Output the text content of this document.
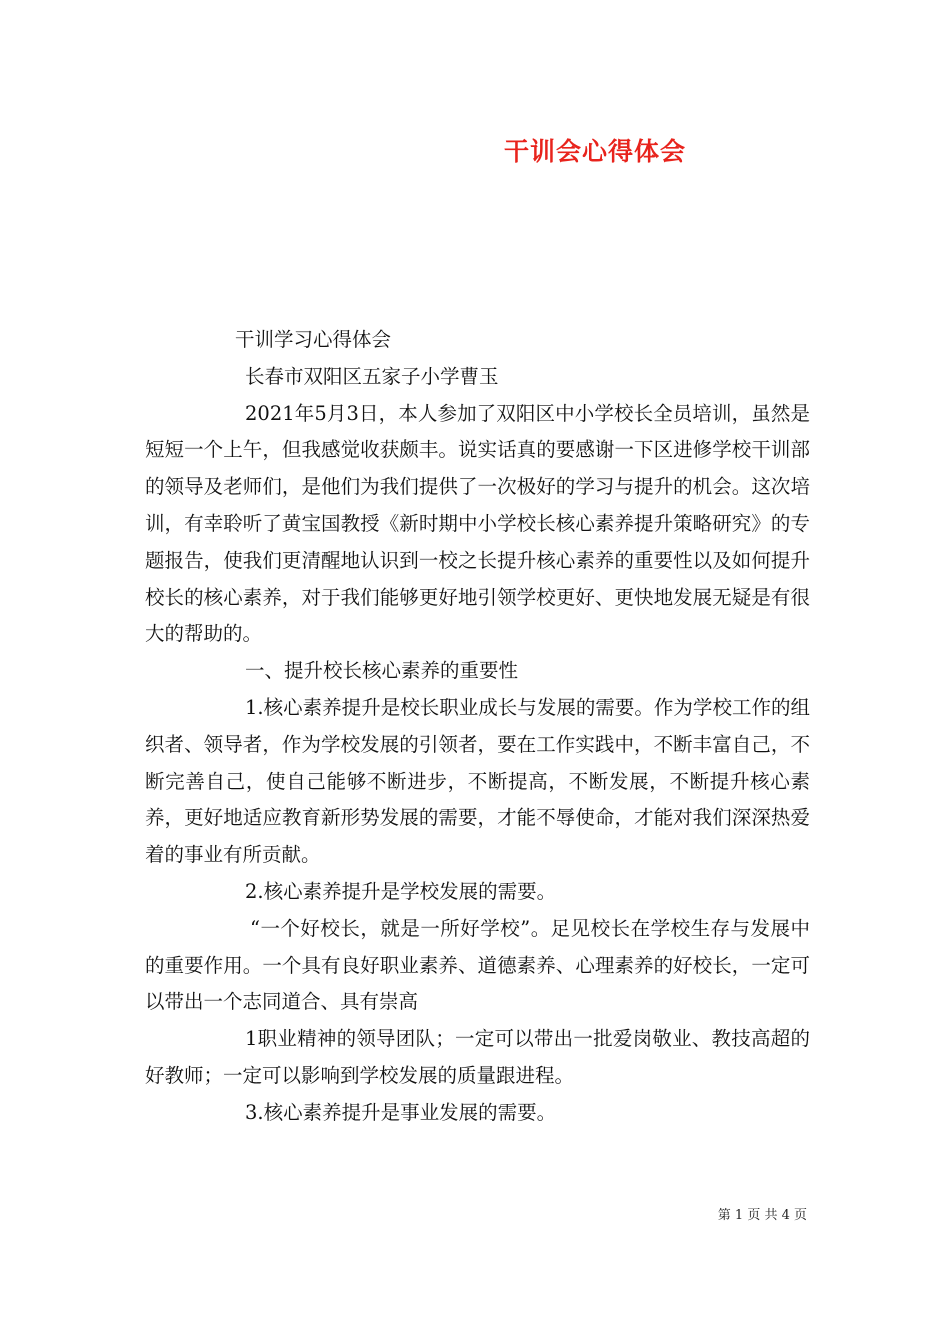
干训会心得体会

干训学习心得体会

长春市双阳区五家子小学曹玉

2021年5月3日，本人参加了双阳区中小学校长全员培训，虽然是短短一个上午，但我感觉收获颇丰。说实话真的要感谢一下区进修学校干训部的领导及老师们，是他们为我们提供了一次极好的学习与提升的机会。这次培训，有幸聆听了黄宝国教授《新时期中小学校长核心素养提升策略研究》的专题报告，使我们更清醒地认识到一校之长提升核心素养的重要性以及如何提升校长的核心素养，对于我们能够更好地引领学校更好、更快地发展无疑是有很大的帮助的。

一、提升校长核心素养的重要性

1.核心素养提升是校长职业成长与发展的需要。作为学校工作的组织者、领导者，作为学校发展的引领者，要在工作实践中，不断丰富自己，不断完善自己，使自己能够不断进步，不断提高，不断发展，不断提升核心素养，更好地适应教育新形势发展的需要，才能不辱使命，才能对我们深深热爱着的事业有所贡献。

2.核心素养提升是学校发展的需要。

“一个好校长，就是一所好学校”。足见校长在学校生存与发展中的重要作用。一个具有良好职业素养、道德素养、心理素养的好校长，一定可以带出一个志同道合、具有崇高

1职业精神的领导团队；一定可以带出一批爱岗敬业、教技高超的好教师；一定可以影响到学校发展的质量跟进程。

3.核心素养提升是事业发展的需要。

第 1 页 共 4 页
